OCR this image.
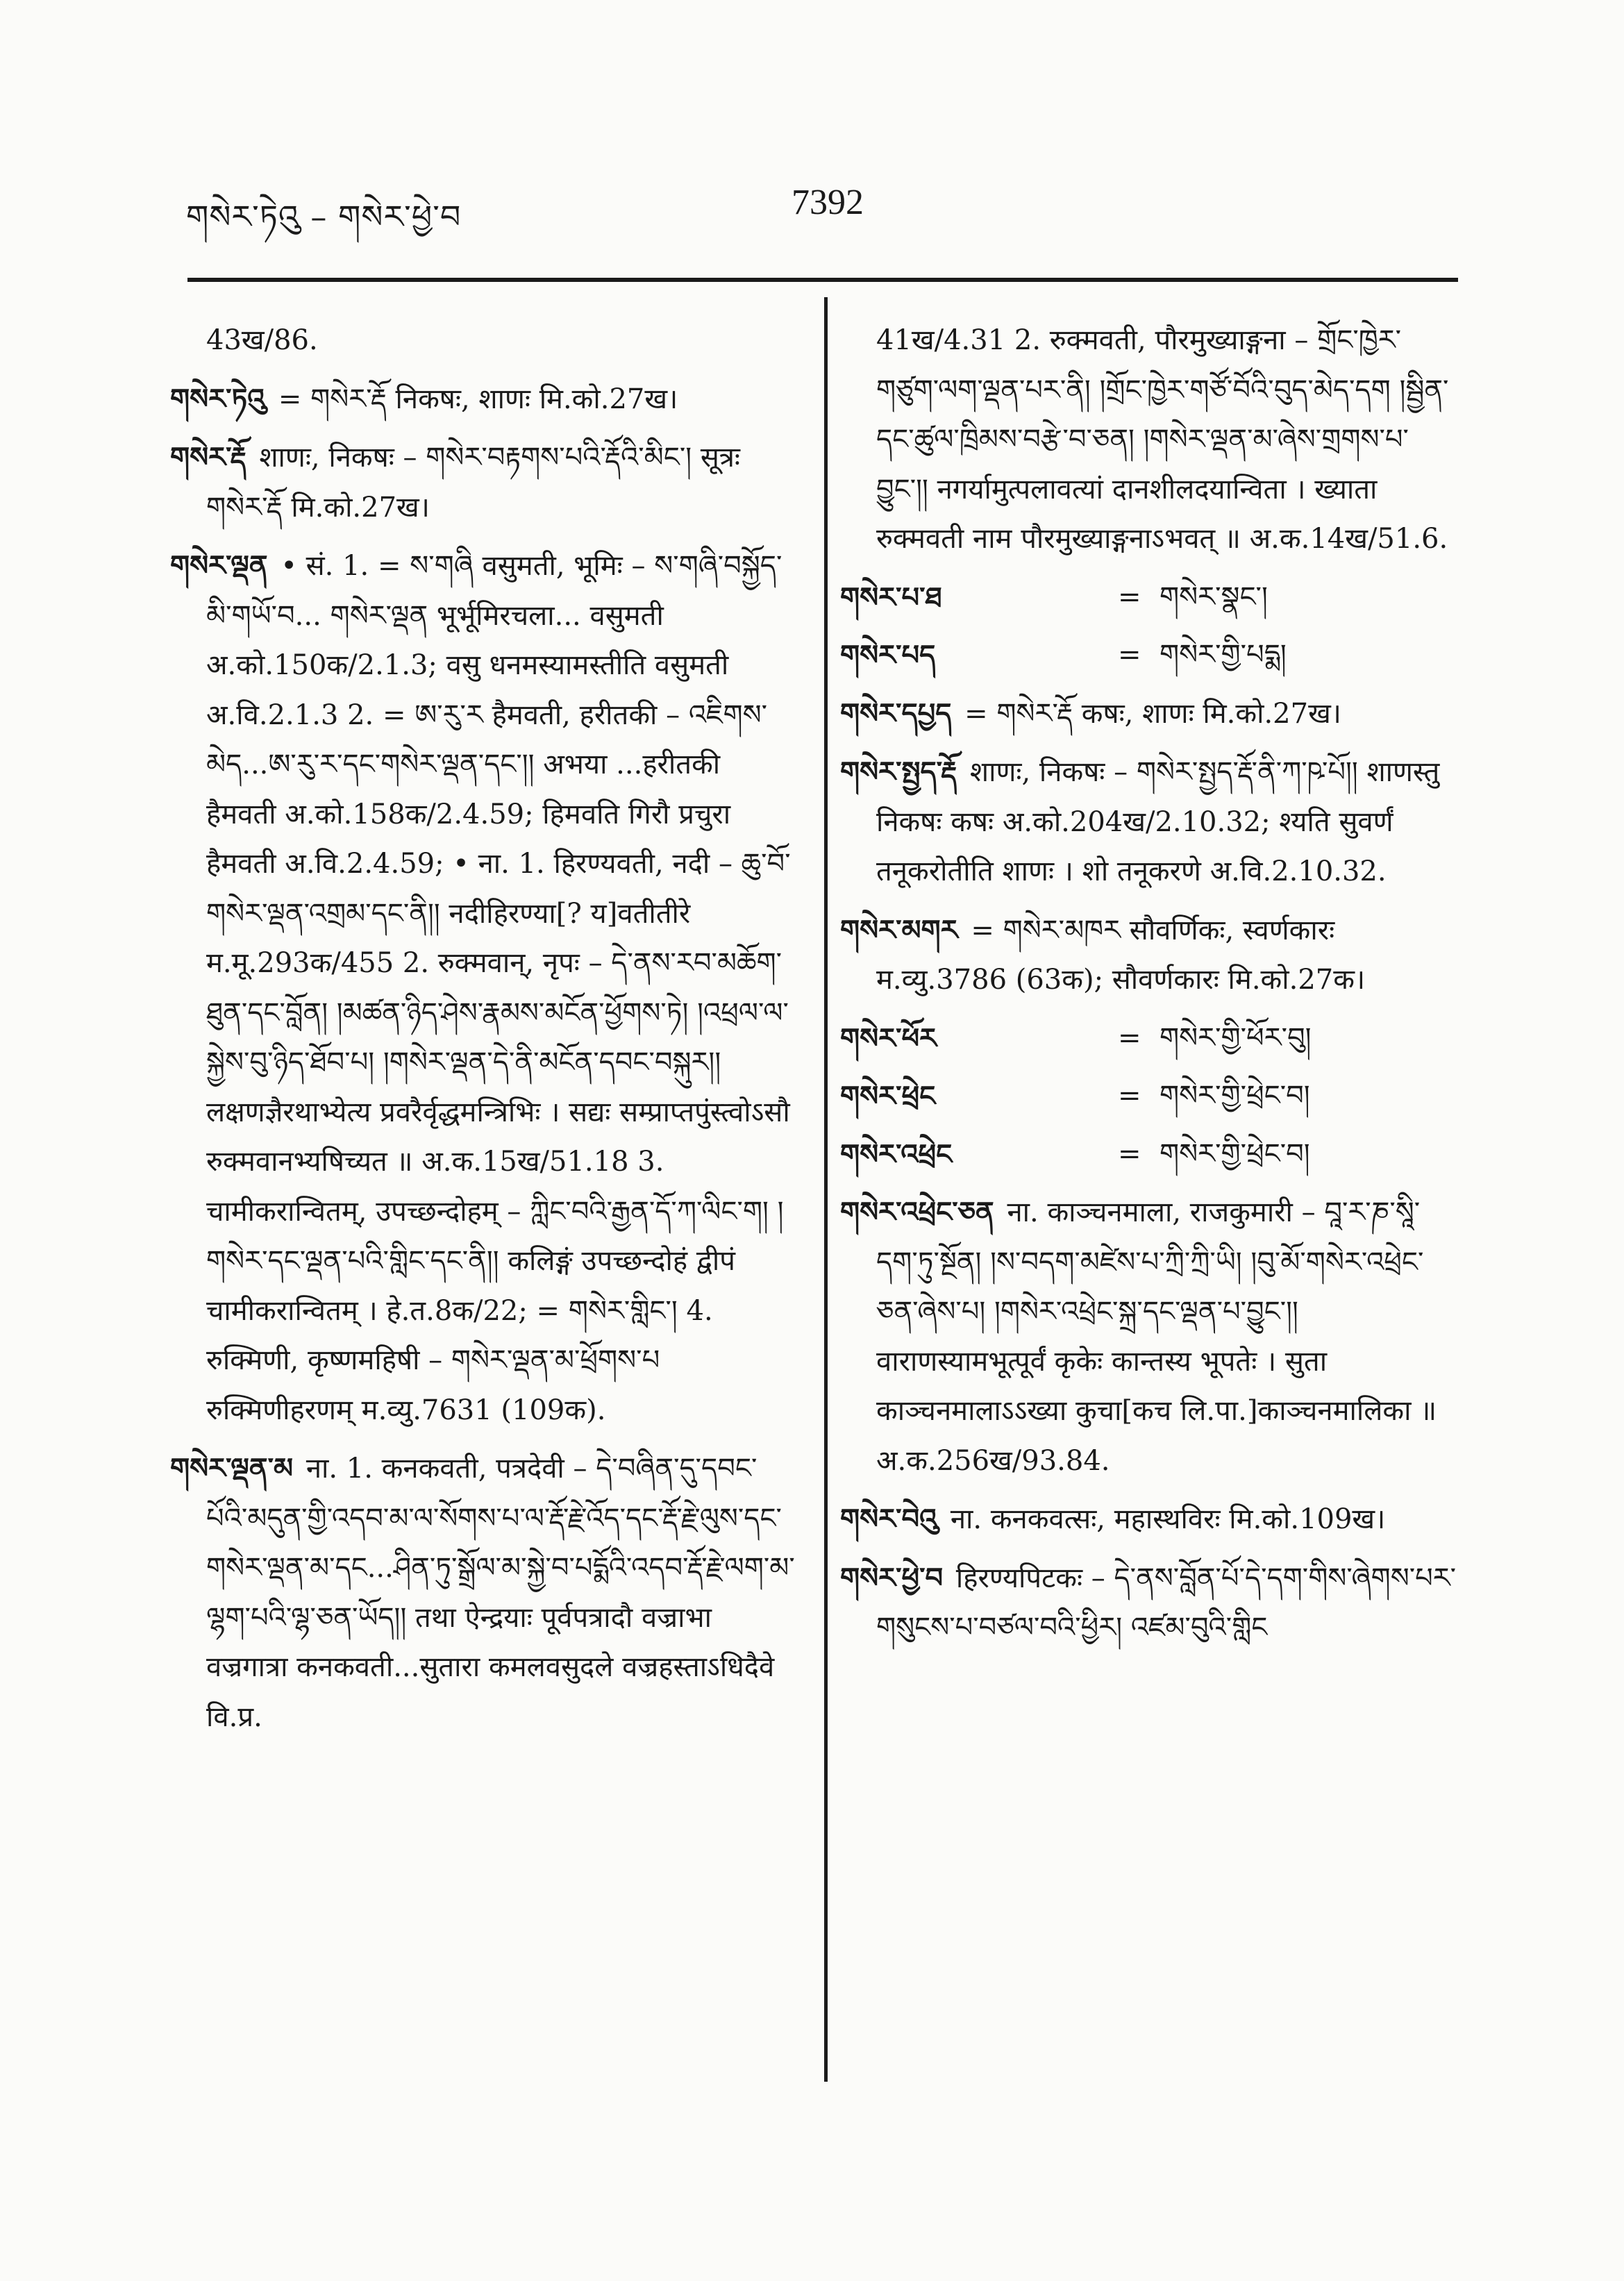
གསེར་ཏེའུ – གསེར་ཕྱེ་བ	7392
43ख/86.
གསེར་ཏེའུ = གསེར་རྡོ निकषः, शाणः मि.को.27ख।
གསེར་རྡོ शाणः, निकषः – གསེར་བརྟགས་པའི་རྡོའི་མིང་། सूत्रः གསེར་རྡོ मि.को.27ख।
གསེར་ལྡན • सं. 1. = ས་གཞི वसुमती, भूमिः – ས་གཞི་བསྐྱོད་མི་གཡོ་བ... གསེར་ལྡན भूर्भूमिरचला... वसुमती अ.को.150क/2.1.3; वसु धनमस्यामस्तीति वसुमती अ.वि.2.1.3 2. = ཨ་རུ་ར हैमवती, हरीतकी – འཇིགས་མེད...ཨ་རུ་ར་དང་གསེར་ལྡན་དང་།། अभया ...हरीतकी हैमवती अ.को.158क/2.4.59; हिमवति गिरौ प्रचुरा हैमवती अ.वि.2.4.59; • ना. 1. हिरण्यवती, नदी – ཆུ་བོ་གསེར་ལྡན་འགྲམ་དང་ནི།། नदीहिरण्या[? य]वतीतीरे म.मू.293क/455 2. रुक्मवान्, नृपः – དེ་ནས་རབ་མཆོག་ཐུན་དང་བློན། །མཚན་ཉིད་ཤེས་རྣམས་མངོན་ཕྱོགས་ཏེ། །འཕྲལ་ལ་སྐྱེས་བུ་ཉིད་ཐོབ་པ། །གསེར་ལྡན་དེ་ནི་མངོན་དབང་བསྐུར།། लक्षणज्ञैरथाभ्येत्य प्रवरैर्वृद्धमन्त्रिभिः । सद्यः सम्प्राप्तपुंस्त्वोऽसौ रुक्मवानभ्यषिच्यत ॥ अ.क.15ख/51.18 3. चामीकरान्वितम्, उपच्छन्दोहम् – ཀླིང་བའི་རྒྱན་དོ་ཀ་ལིང་ག། །གསེར་དང་ལྡན་པའི་གླིང་དང་ནི།། कलिङ्गं उपच्छन्दोहं द्वीपं चामीकरान्वितम् । हे.त.8क/22; = གསེར་གླིང་། 4. रुक्मिणी, कृष्णमहिषी – གསེར་ལྡན་མ་ཕྲོགས་པ रुक्मिणीहरणम् म.व्यु.7631 (109क).
གསེར་ལྡན་མ ना. 1. कनकवती, पत्रदेवी – དེ་བཞིན་དུ་དབང་པོའི་མདུན་གྱི་འདབ་མ་ལ་སོགས་པ་ལ་རྡོ་རྗེ་འོད་དང་རྡོ་རྗེ་ལུས་དང་གསེར་ལྡན་མ་དང...ཤིན་ཏུ་སྒྲོལ་མ་སྐྱེ་བ་པདྨོའི་འདབ་རྡོ་རྗེ་ལག་མ་ལྷག་པའི་ལྷ་ཅན་ཡོད།། तथा ऐन्द्रयाः पूर्वपत्रादौ वज्राभा वज्रगात्रा कनकवती...सुतारा कमलवसुदले वज्रहस्ताऽधिदैवे वि.प्र.
41ख/4.31 2. रुक्मवती, पौरमुख्याङ्गना – གྲོང་ཁྱེར་གཙུག་ལག་ལྡན་པར་ནི། །གྲོང་ཁྱེར་གཙོ་བོའི་བུད་མེད་དག །སྦྱིན་དང་ཚུལ་ཁྲིམས་བརྩེ་བ་ཅན། །གསེར་ལྡན་མ་ཞེས་གྲགས་པ་བྱུང་།། नगर्यामुत्पलावत्यां दानशीलदयान्विता । ख्याता रुक्मवती नाम पौरमुख्याङ्गनाऽभवत् ॥ अ.क.14ख/51.6.
གསེར་པ་ཐ	= གསེར་སྣང་།
གསེར་པད	= གསེར་གྱི་པདྨ།
གསེར་དཔྱད = གསེར་རྡོ कषः, शाणः मि.को.27ख।
གསེར་སྤྱད་རྡོ शाणः, निकषः – གསེར་སྤྱད་རྡོ་ནི་ཀ་ཥ་པོ།། शाणस्तु निकषः कषः अ.को.204ख/2.10.32; श्यति सुवर्णं तनूकरोतीति शाणः । शो तनूकरणे अ.वि.2.10.32.
གསེར་མགར = གསེར་མཁར सौवर्णिकः, स्वर्णकारः म.व्यु.3786 (63क); सौवर्णकारः मि.को.27क।
གསེར་ཕོར	= གསེར་གྱི་ཕོར་བུ།
གསེར་ཕྲེང	= གསེར་གྱི་ཕྲེང་བ།
གསེར་འཕྲེང	= གསེར་གྱི་ཕྲེང་བ།
གསེར་འཕྲེང་ཅན ना. काञ्चनमाला, राजकुमारी – བཱ་ར་ཎ་སཱི་དག་ཏུ་སྔོན། །ས་བདག་མཛེས་པ་ཀྲི་ཀྲི་ཡི། །བུ་མོ་གསེར་འཕྲེང་ཅན་ཞེས་པ། །གསེར་འཕྲེང་སྐྲ་དང་ལྡན་པ་བྱུང་།། वाराणस्यामभूत्पूर्वं कृकेः कान्तस्य भूपतेः । सुता काञ्चनमालाऽऽख्या कुचा[कच लि.पा.]काञ्चनमालिका ॥ अ.क.256ख/93.84.
གསེར་བེའུ ना. कनकवत्सः, महास्थविरः मि.को.109ख।
གསེར་ཕྱེ་བ हिरण्यपिटकः – དེ་ནས་བློན་པོ་དེ་དག་གིས་ཞེགས་པར་གསུངས་པ་བཙལ་བའི་ཕྱིར། འཛམ་བུའི་གླིང
